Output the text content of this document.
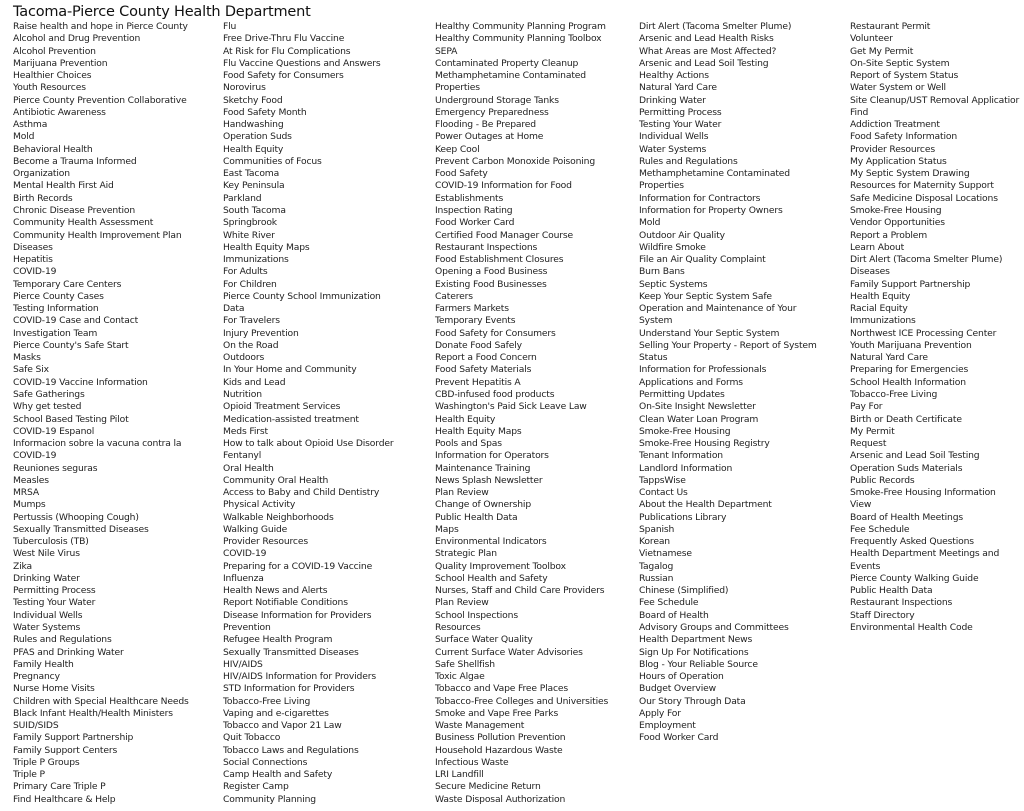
Tacoma-Pierce County Health Department
Raise health and hope in Pierce County
Alcohol and Drug Prevention
Alcohol Prevention
Marijuana Prevention
Healthier Choices
Youth Resources
Pierce County Prevention Collaborative
Antibiotic Awareness
Asthma
Mold
Behavioral Health
Become a Trauma Informed
Organization
Mental Health First Aid
Birth Records
Chronic Disease Prevention
Community Health Assessment
Community Health Improvement Plan
Diseases
Hepatitis
COVID-19
Temporary Care Centers
Pierce County Cases
Testing Information
COVID-19 Case and Contact
Investigation Team
Pierce County's Safe Start
Masks
Safe Six
COVID-19 Vaccine Information
Safe Gatherings
Why get tested
School Based Testing Pilot
COVID-19 Espanol
Informacion sobre la vacuna contra la
COVID-19
Reuniones seguras
Measles
MRSA
Mumps
Pertussis (Whooping Cough)
Sexually Transmitted Diseases
Tuberculosis (TB)
West Nile Virus
Zika
Drinking Water
Permitting Process
Testing Your Water
Individual Wells
Water Systems
Rules and Regulations
PFAS and Drinking Water
Family Health
Pregnancy
Nurse Home Visits
Children with Special Healthcare Needs
Black Infant Health/Health Ministers
SUID/SIDS
Family Support Partnership
Family Support Centers
Triple P Groups
Triple P
Primary Care Triple P
Find Healthcare & Help
Flu
Free Drive-Thru Flu Vaccine
At Risk for Flu Complications
Flu Vaccine Questions and Answers
Food Safety for Consumers
Norovirus
Sketchy Food
Food Safety Month
Handwashing
Operation Suds
Health Equity
Communities of Focus
East Tacoma
Key Peninsula
Parkland
South Tacoma
Springbrook
White River
Health Equity Maps
Immunizations
For Adults
For Children
Pierce County School Immunization
Data
For Travelers
Injury Prevention
On the Road
Outdoors
In Your Home and Community
Kids and Lead
Nutrition
Opioid Treatment Services
Medication-assisted treatment
Meds First
How to talk about Opioid Use Disorder
Fentanyl
Oral Health
Community Oral Health
Access to Baby and Child Dentistry
Physical Activity
Walkable Neighborhoods
Walking Guide
Provider Resources
COVID-19
Preparing for a COVID-19 Vaccine
Influenza
Health News and Alerts
Report Notifiable Conditions
Disease Information for Providers
Prevention
Refugee Health Program
Sexually Transmitted Diseases
HIV/AIDS
HIV/AIDS Information for Providers
STD Information for Providers
Tobacco-Free Living
Vaping and e-cigarettes
Tobacco and Vapor 21 Law
Quit Tobacco
Tobacco Laws and Regulations
Social Connections
Camp Health and Safety
Register Camp
Community Planning
Healthy Community Planning Program
Healthy Community Planning Toolbox
SEPA
Contaminated Property Cleanup
Methamphetamine Contaminated
Properties
Underground Storage Tanks
Emergency Preparedness
Flooding - Be Prepared
Power Outages at Home
Keep Cool
Prevent Carbon Monoxide Poisoning
Food Safety
COVID-19 Information for Food
Establishments
Inspection Rating
Food Worker Card
Certified Food Manager Course
Restaurant Inspections
Food Establishment Closures
Opening a Food Business
Existing Food Businesses
Caterers
Farmers Markets
Temporary Events
Food Safety for Consumers
Donate Food Safely
Report a Food Concern
Food Safety Materials
Prevent Hepatitis A
CBD-infused food products
Washington's Paid Sick Leave Law
Health Equity
Health Equity Maps
Pools and Spas
Information for Operators
Maintenance Training
News Splash Newsletter
Plan Review
Change of Ownership
Public Health Data
Maps
Environmental Indicators
Strategic Plan
Quality Improvement Toolbox
School Health and Safety
Nurses, Staff and Child Care Providers
Plan Review
School Inspections
Resources
Surface Water Quality
Current Surface Water Advisories
Safe Shellfish
Toxic Algae
Tobacco and Vape Free Places
Tobacco-Free Colleges and Universities
Smoke and Vape Free Parks
Waste Management
Business Pollution Prevention
Household Hazardous Waste
Infectious Waste
LRI Landfill
Secure Medicine Return
Waste Disposal Authorization
Dirt Alert (Tacoma Smelter Plume)
Arsenic and Lead Health Risks
What Areas are Most Affected?
Arsenic and Lead Soil Testing
Healthy Actions
Natural Yard Care
Drinking Water
Permitting Process
Testing Your Water
Individual Wells
Water Systems
Rules and Regulations
Methamphetamine Contaminated
Properties
Information for Contractors
Information for Property Owners
Mold
Outdoor Air Quality
Wildfire Smoke
File an Air Quality Complaint
Burn Bans
Septic Systems
Keep Your Septic System Safe
Operation and Maintenance of Your
System
Understand Your Septic System
Selling Your Property - Report of System
Status
Information for Professionals
Applications and Forms
Permitting Updates
On-Site Insight Newsletter
Clean Water Loan Program
Smoke-Free Housing
Smoke-Free Housing Registry
Tenant Information
Landlord Information
TappsWise
Contact Us
About the Health Department
Publications Library
Spanish
Korean
Vietnamese
Tagalog
Russian
Chinese (Simplified)
Fee Schedule
Board of Health
Advisory Groups and Committees
Health Department News
Sign Up For Notifications
Blog - Your Reliable Source
Hours of Operation
Budget Overview
Our Story Through Data
Apply For
Employment
Food Worker Card
Restaurant Permit
Volunteer
Get My Permit
On-Site Septic System
Report of System Status
Water System or Well
Site Cleanup/UST Removal Applicatior
Find
Addiction Treatment
Food Safety Information
Provider Resources
My Application Status
My Septic System Drawing
Resources for Maternity Support
Safe Medicine Disposal Locations
Smoke-Free Housing
Vendor Opportunities
Report a Problem
Learn About
Dirt Alert (Tacoma Smelter Plume)
Diseases
Family Support Partnership
Health Equity
Racial Equity
Immunizations
Northwest ICE Processing Center
Youth Marijuana Prevention
Natural Yard Care
Preparing for Emergencies
School Health Information
Tobacco-Free Living
Pay For
Birth or Death Certificate
My Permit
Request
Arsenic and Lead Soil Testing
Operation Suds Materials
Public Records
Smoke-Free Housing Information
View
Board of Health Meetings
Fee Schedule
Frequently Asked Questions
Health Department Meetings and
Events
Pierce County Walking Guide
Public Health Data
Restaurant Inspections
Staff Directory
Environmental Health Code
